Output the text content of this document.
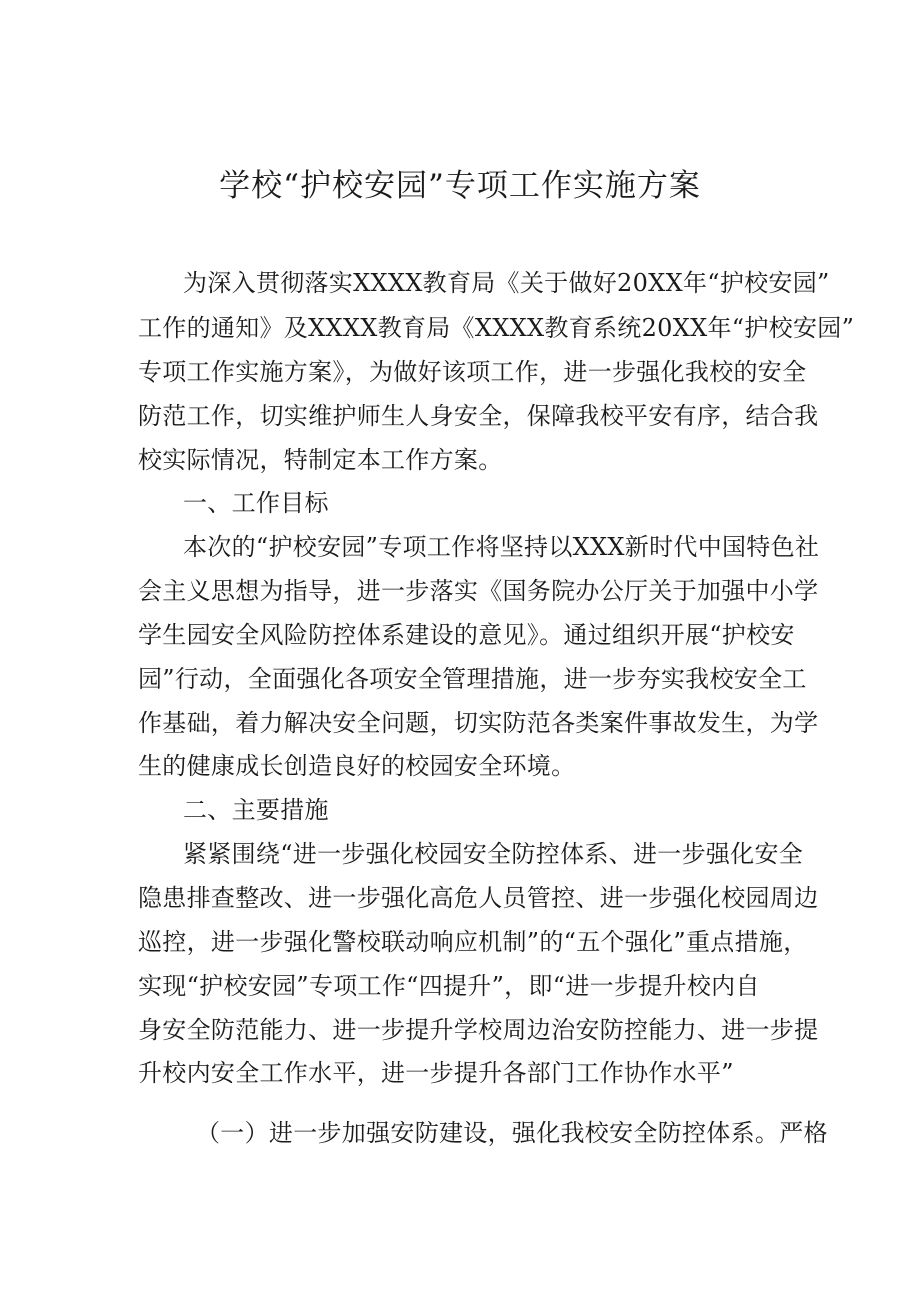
学校“护校安园”专项工作实施方案
为深入贯彻落实XXXX教育局《关于做好20XX年“护校安园”
工作的通知》及XXXX教育局《XXXX教育系统20XX年“护校安园”
专项工作实施方案》，为做好该项工作，进一步强化我校的安全
防范工作，切实维护师生人身安全，保障我校平安有序，结合我
校实际情况，特制定本工作方案。
一、工作目标
本次的“护校安园”专项工作将坚持以XXX新时代中国特色社
会主义思想为指导，进一步落实《国务院办公厅关于加强中小学
学生园安全风险防控体系建设的意见》。通过组织开展“护校安
园”行动，全面强化各项安全管理措施，进一步夯实我校安全工
作基础，着力解决安全问题，切实防范各类案件事故发生，为学
生的健康成长创造良好的校园安全环境。
二、主要措施
紧紧围绕“进一步强化校园安全防控体系、进一步强化安全
隐患排查整改、进一步强化高危人员管控、进一步强化校园周边
巡控，进一步强化警校联动响应机制”的“五个强化”重点措施，
实现“护校安园”专项工作“四提升”，即“进一步提升校内自
身安全防范能力、进一步提升学校周边治安防控能力、进一步提
升校内安全工作水平，进一步提升各部门工作协作水平”
（一）进一步加强安防建设，强化我校安全防控体系。严格
